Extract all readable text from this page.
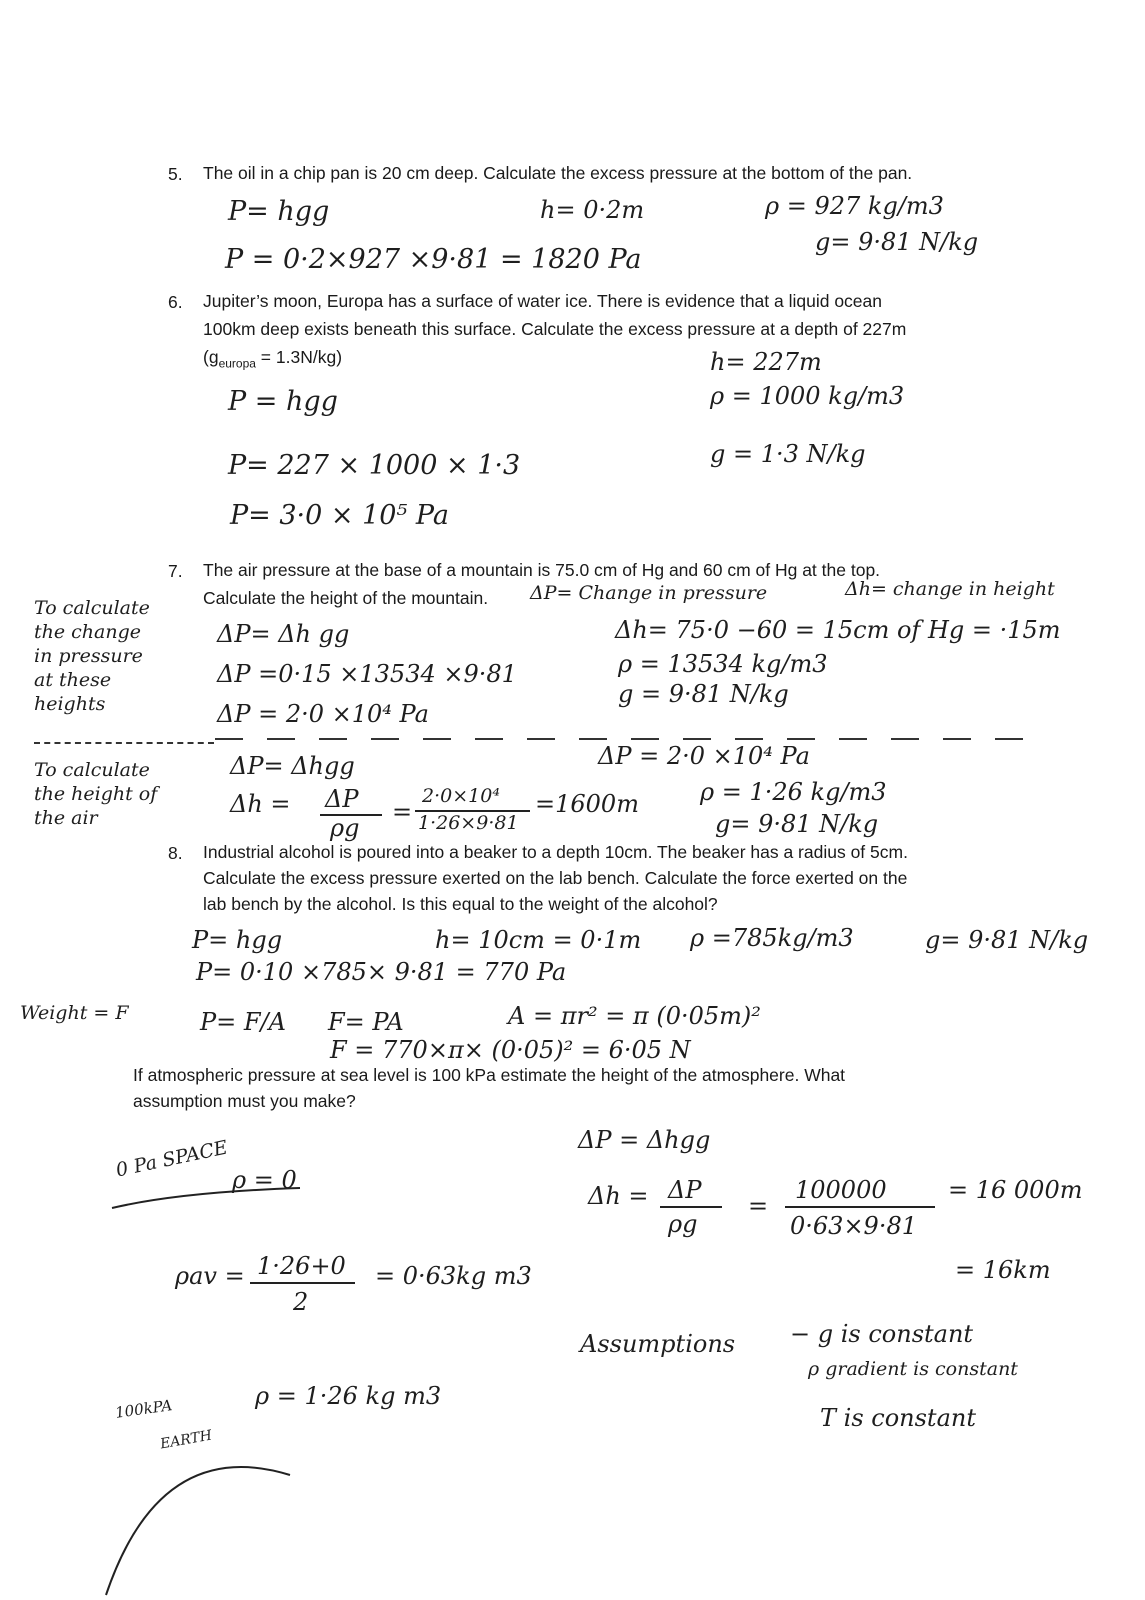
5. The oil in a chip pan is 20 cm deep. Calculate the excess pressure at the bottom of the pan.
P= hgg	h= 0·2m	ρ = 927 kg/m3
P = 0·2×927 ×9·81 = 1820 Pa
g= 9·81 N/kg
6. Jupiter’s moon, Europa has a surface of water ice. There is evidence that a liquid ocean
100km deep exists beneath this surface. Calculate the excess pressure at a depth of 227m
$(g_{europa} = 1.3N/kg)$
P = hgg
h= 227m
ρ = 1000 kg/m3
P= 227 × 1000 × 1·3	g = 1·3 N/kg
P= 3·0 × 10⁵ Pa
7. The air pressure at the base of a mountain is 75.0 cm of Hg and 60 cm of Hg at the top.
Calculate the height of the mountain. ΔP= Change in pressure	Δh= change in height
To calculate
the change
in pressure
at these
heights
To calculate
the height of
the air
ΔP= Δh gg	Δh= 75·0 −60 = 15cm of Hg = ·15m
ΔP =0·15 ×13534 ×9·81	ρ = 13534 kg/m3
g = 9·81 N/kg
ΔP = 2·0 ×10⁴ Pa
ΔP= Δhgg	ΔP = 2·0 ×10⁴ Pa
Δh = ΔP
ρg
=
2·0×10⁴
1·26×9·81
=1600m	ρ = 1·26 kg/m3
g= 9·81 N/kg
8. Industrial alcohol is poured into a beaker to a depth 10cm. The beaker has a radius of 5cm.
Calculate the excess pressure exerted on the lab bench. Calculate the force exerted on the
lab bench by the alcohol. Is this equal to the weight of the alcohol?
P= hgg	h= 10cm = 0·1m ρ =785kg/m3	g= 9·81 N/kg
P= 0·10 ×785× 9·81 = 770 Pa
Weight = F	P= F/A F= PA	A = πr² = π (0·05m)²
F = 770×π× (0·05)² = 6·05 N
If atmospheric pressure at sea level is 100 kPa estimate the height of the atmosphere. What
assumption must you make?
0 Pa SPACE ρ = 0
ρav = 1·26+0
2
= 0·63kg m3
100kPA
EARTH
ρ = 1·26 kg m3
ΔP = Δhgg
Δh = ΔP
ρg
=
100000
0·63×9·81
= 16 000m
= 16km
Assumptions − g is constant
ρ gradient is constant
T is constant
